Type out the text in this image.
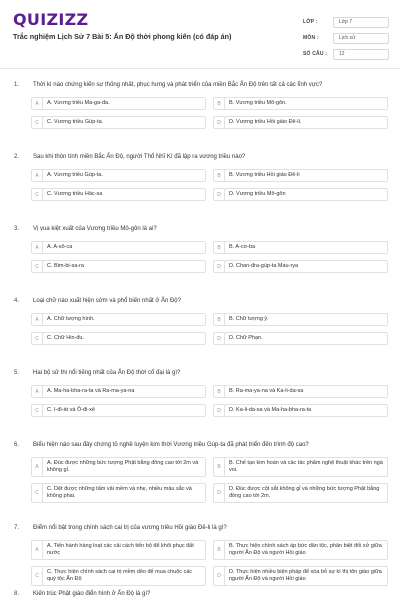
QUIZIZZ
Trắc nghiệm Lịch Sử 7 Bài 5: Ấn Độ thời phong kiến (có đáp án)
LỚP :	Lớp 7
MÔN :	Lịch sử
SỐ CÂU :	12
1. Thời kì nào chứng kiến sự thống nhất, phục hưng và phát triển của miền Bắc Ấn Độ trên tất cả các lĩnh vực?
A	A. Vương triều Ma-ga-đa.	B	B. Vương triều Mô-gôn.
C	C. Vương triều Gúp-ta.	D	D. Vương triều Hồi giáo Đê-li.
2. Sau khi thôn tính miền Bắc Ấn Độ, người Thổ Nhĩ Kì đã lập ra vương triều nào?
A	A. Vương triều Gúp-ta.	B	B. Vương triều Hồi giáo Đê-li
C	C. Vương triều Hác-sa	D	D. Vương triều Mô-gôn
3. Vị vua kiệt xuất của Vương triều Mô-gôn là ai?
A	A. A-sô-ca	B	B. A-cơ-ba
C	C. Bim-bi-sa-ra	D	D. Chan-đra-gúp-ta Mau-rya
4. Loại chữ nào xuất hiện sớm và phổ biến nhất ở Ấn Độ?
A	A. Chữ tượng hình.	B	B. Chữ tượng ý.
C	C. Chữ Hin-đu.	D	D. Chữ Phạn.
5. Hai bộ sử thi nổi tiếng nhất của Ấn Độ thời cổ đại là gì?
A	A. Ma-ha-bha-ra-ta và Ra-ma-ya-na	B	B. Ra-ma-ya-na và Ka-li-da-sa
C	C. I-đi-át và Ô-đi-xê	D	D. Ka-li-da-sa và Ma-ha-bha-ra-ta
6. Biểu hiện nào sau đây chứng tỏ nghề luyện kim thời Vương triều Gúp-ta đã phát triển đến trình độ cao?
A
A. Đúc được những bức tượng Phật bằng đồng cao tới 2m và không gỉ.	B
B. Chế tạo kim hoàn và các tác phẩm nghệ thuật khác trên ngà voi.
C
C. Dệt được những tấm vải mềm và nhẹ, nhiều màu sắc và không phai.	D
D. Đúc được cột sắt không gỉ và những bức tượng Phật bằng đồng cao tới 2m.
7. Điểm nổi bật trong chính sách cai trị của vương triều Hồi giáo Đê-li là gì?
A
A. Tiến hành hàng loạt các cải cách tiến bộ để khôi phục đất nước	B
B. Thực hiện chính sách áp bức dân tộc, phân biệt đối xử giữa người Ấn Độ và người Hồi giáo
C
C. Thực hiện chính sách cai trị mềm dẻo để mua chuộc các quý tộc Ấn Độ	D
D. Thực hiện nhiều biện pháp để xóa bỏ sự kì thị tôn giáo giữa người Ấn Độ và người Hồi giáo
8. Kiến trúc Phật giáo điển hình ở Ấn Độ là gì?
